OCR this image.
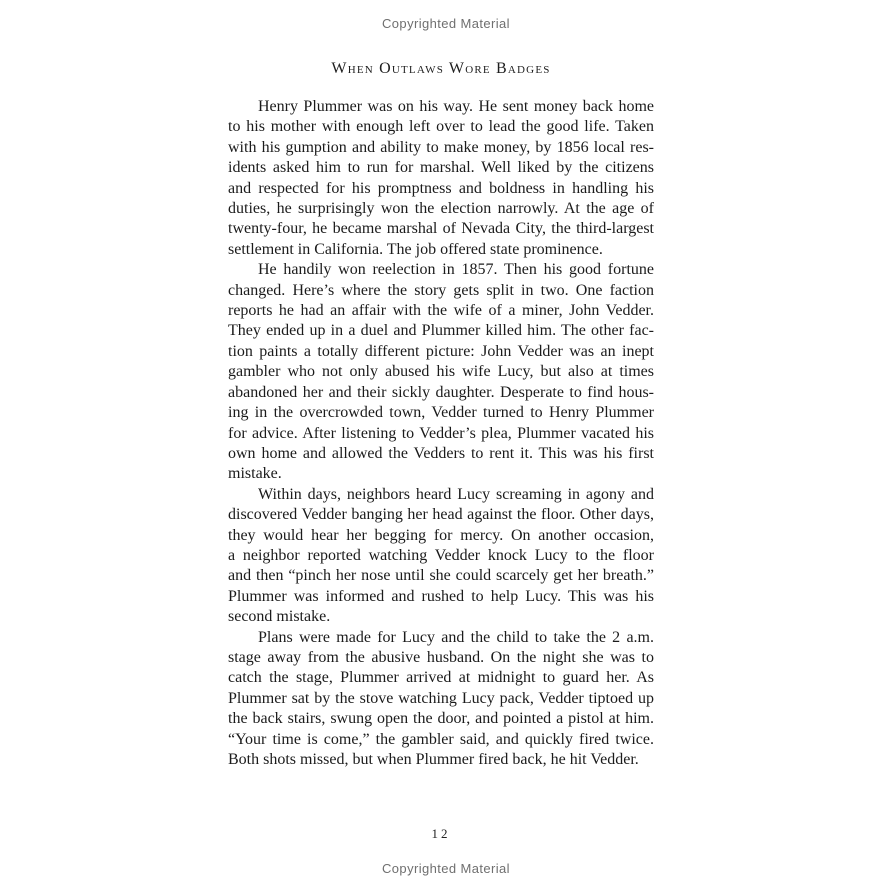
Copyrighted Material
When Outlaws Wore Badges
Henry Plummer was on his way. He sent money back home
to his mother with enough left over to lead the good life. Taken
with his gumption and ability to make money, by 1856 local res-
idents asked him to run for marshal. Well liked by the citizens
and respected for his promptness and boldness in handling his
duties, he surprisingly won the election narrowly. At the age of
twenty-four, he became marshal of Nevada City, the third-largest
settlement in California. The job offered state prominence.
He handily won reelection in 1857. Then his good fortune
changed. Here’s where the story gets split in two. One faction
reports he had an affair with the wife of a miner, John Vedder.
They ended up in a duel and Plummer killed him. The other fac-
tion paints a totally different picture: John Vedder was an inept
gambler who not only abused his wife Lucy, but also at times
abandoned her and their sickly daughter. Desperate to find hous-
ing in the overcrowded town, Vedder turned to Henry Plummer
for advice. After listening to Vedder’s plea, Plummer vacated his
own home and allowed the Vedders to rent it. This was his first
mistake.
Within days, neighbors heard Lucy screaming in agony and
discovered Vedder banging her head against the floor. Other days,
they would hear her begging for mercy. On another occasion,
a neighbor reported watching Vedder knock Lucy to the floor
and then “pinch her nose until she could scarcely get her breath.”
Plummer was informed and rushed to help Lucy. This was his
second mistake.
Plans were made for Lucy and the child to take the 2 a.m.
stage away from the abusive husband. On the night she was to
catch the stage, Plummer arrived at midnight to guard her. As
Plummer sat by the stove watching Lucy pack, Vedder tiptoed up
the back stairs, swung open the door, and pointed a pistol at him.
“Your time is come,” the gambler said, and quickly fired twice.
Both shots missed, but when Plummer fired back, he hit Vedder.
12
Copyrighted Material
